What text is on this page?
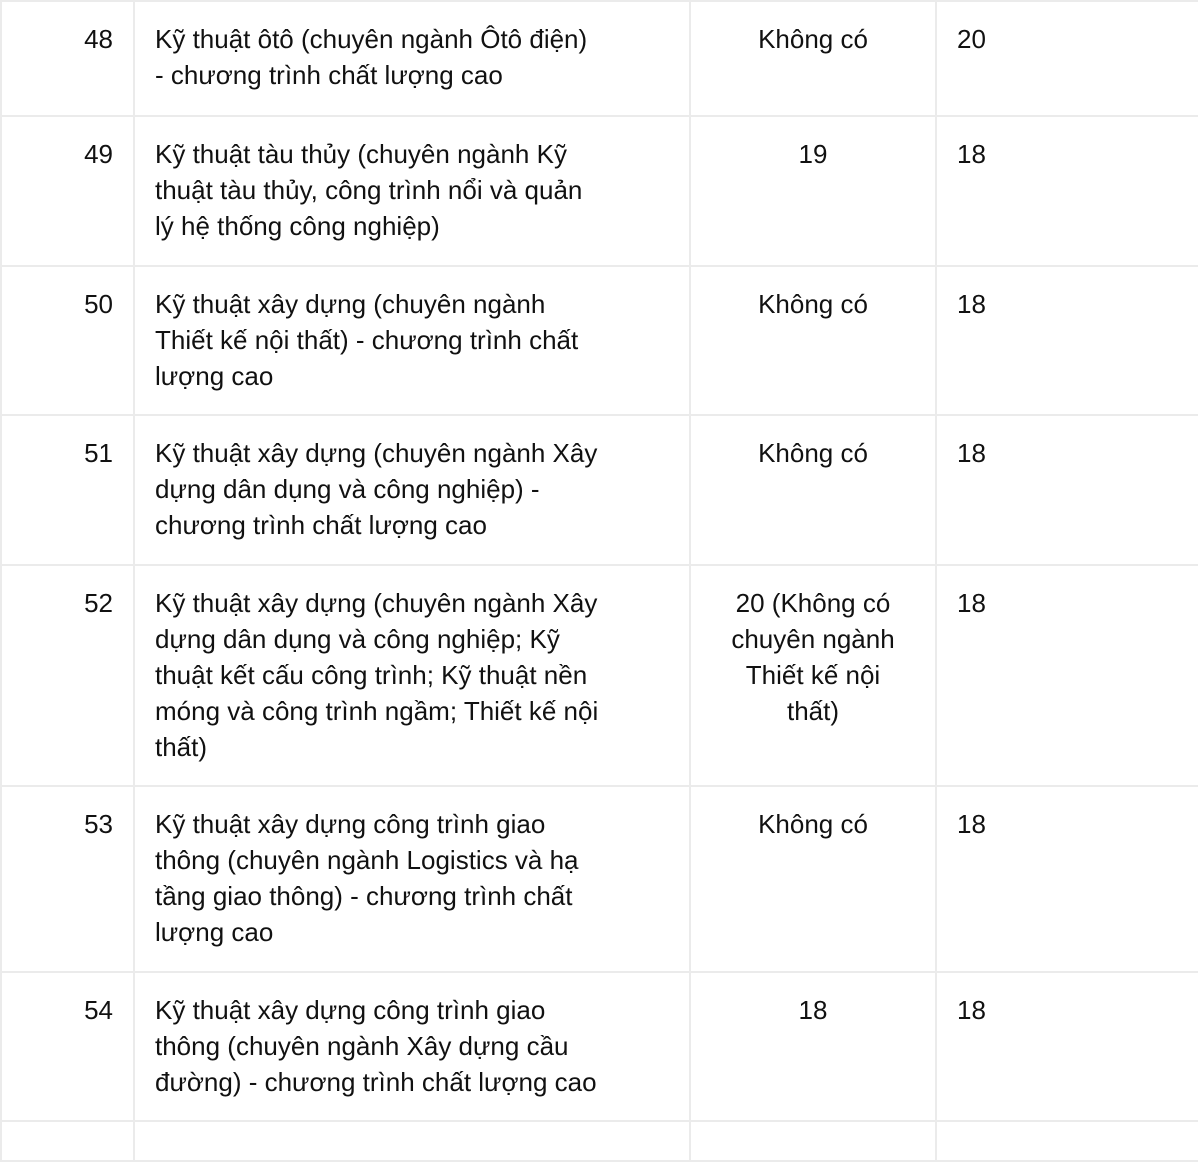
48	Kỹ thuật ôtô (chuyên ngành Ôtô điện)
- chương trình chất lượng cao	Không có	20
49	Kỹ thuật tàu thủy (chuyên ngành Kỹ
thuật tàu thủy, công trình nổi và quản
lý hệ thống công nghiệp)	19	18
50	Kỹ thuật xây dựng (chuyên ngành
Thiết kế nội thất) - chương trình chất
lượng cao	Không có	18
51	Kỹ thuật xây dựng (chuyên ngành Xây
dựng dân dụng và công nghiệp) -
chương trình chất lượng cao	Không có	18
52	Kỹ thuật xây dựng (chuyên ngành Xây
dựng dân dụng và công nghiệp; Kỹ
thuật kết cấu công trình; Kỹ thuật nền
móng và công trình ngầm; Thiết kế nội
thất)	20 (Không có
chuyên ngành
Thiết kế nội
thất)	18
53	Kỹ thuật xây dựng công trình giao
thông (chuyên ngành Logistics và hạ
tầng giao thông) - chương trình chất
lượng cao	Không có	18
54	Kỹ thuật xây dựng công trình giao
thông (chuyên ngành Xây dựng cầu
đường) - chương trình chất lượng cao	18	18
